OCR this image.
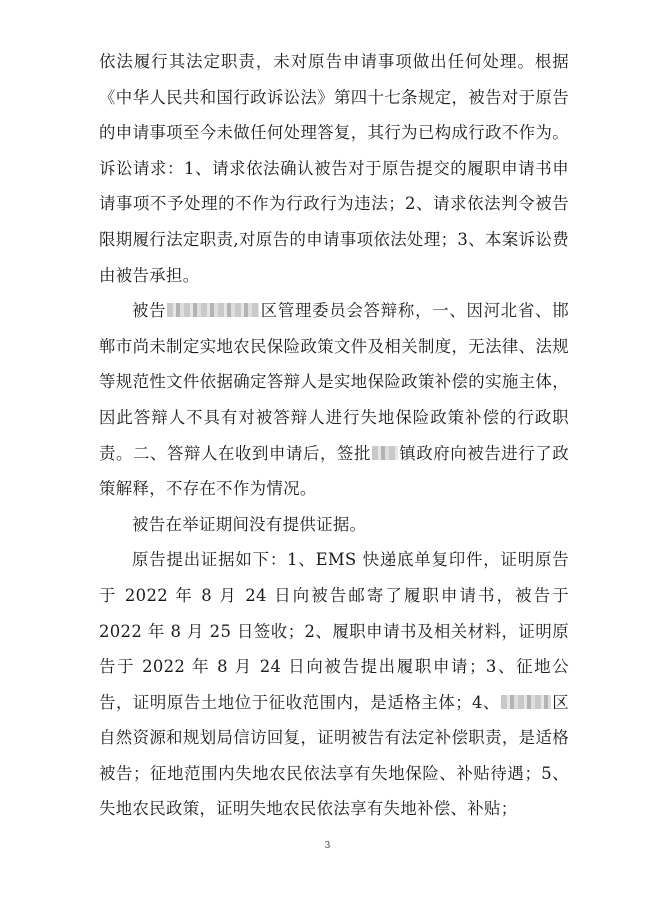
依法履行其法定职责，未对原告申请事项做出任何处理。根据《中华人民共和国行政诉讼法》第四十七条规定，被告对于原告的申请事项至今未做任何处理答复，其行为已构成行政不作为。诉讼请求：1、请求依法确认被告对于原告提交的履职申请书申请事项不予处理的不作为行政行为违法；2、请求依法判令被告限期履行法定职责,对原告的申请事项依法处理；3、本案诉讼费由被告承担。

被告	区管理委员会答辩称，一、因河北省、邯郸市尚未制定实地农民保险政策文件及相关制度，无法律、法规等规范性文件依据确定答辩人是实地保险政策补偿的实施主体，因此答辩人不具有对被答辩人进行失地保险政策补偿的行政职责。二、答辩人在收到申请后，签批 镇政府向被告进行了政策解释，不存在不作为情况。

被告在举证期间没有提供证据。

原告提出证据如下：1、EMS 快递底单复印件，证明原告于 2022 年 8 月 24 日向被告邮寄了履职申请书，被告于 2022 年 8 月 25 日签收；2、履职申请书及相关材料，证明原告于 2022 年 8 月 24 日向被告提出履职申请；3、征地公告，证明原告土地位于征收范围内，是适格主体；4、	区自然资源和规划局信访回复，证明被告有法定补偿职责，是适格被告；征地范围内失地农民依法享有失地保险、补贴待遇；5、失地农民政策，证明失地农民依法享有失地补偿、补贴；

3
